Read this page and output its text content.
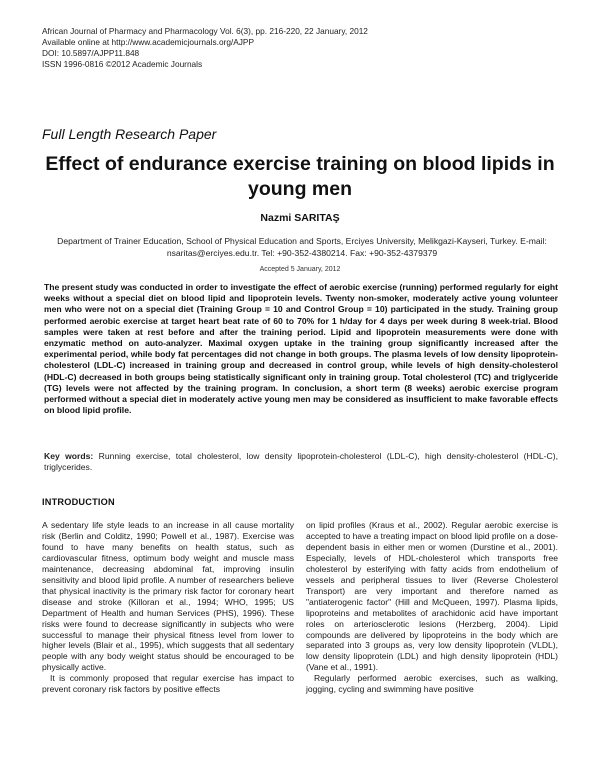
African Journal of Pharmacy and Pharmacology Vol. 6(3), pp. 216-220, 22 January, 2012
Available online at http://www.academicjournals.org/AJPP
DOI: 10.5897/AJPP11.848
ISSN 1996-0816 ©2012 Academic Journals
Full Length Research Paper
Effect of endurance exercise training on blood lipids in young men
Nazmi SARITAŞ
Department of Trainer Education, School of Physical Education and Sports, Erciyes University, Melikgazi-Kayseri, Turkey. E-mail: nsaritas@erciyes.edu.tr. Tel: +90-352-4380214. Fax: +90-352-4379379
Accepted 5 January, 2012
The present study was conducted in order to investigate the effect of aerobic exercise (running) performed regularly for eight weeks without a special diet on blood lipid and lipoprotein levels. Twenty non-smoker, moderately active young volunteer men who were not on a special diet (Training Group = 10 and Control Group = 10) participated in the study. Training group performed aerobic exercise at target heart beat rate of 60 to 70% for 1 h/day for 4 days per week during 8 week-trial. Blood samples were taken at rest before and after the training period. Lipid and lipoprotein measurements were done with enzymatic method on auto-analyzer. Maximal oxygen uptake in the training group significantly increased after the experimental period, while body fat percentages did not change in both groups. The plasma levels of low density lipoprotein-cholesterol (LDL-C) increased in training group and decreased in control group, while levels of high density-cholesterol (HDL-C) decreased in both groups being statistically significant only in training group. Total cholesterol (TC) and triglyceride (TG) levels were not affected by the training program. In conclusion, a short term (8 weeks) aerobic exercise program performed without a special diet in moderately active young men may be considered as insufficient to make favorable effects on blood lipid profile.
Key words: Running exercise, total cholesterol, low density lipoprotein-cholesterol (LDL-C), high density-cholesterol (HDL-C), triglycerides.
INTRODUCTION

A sedentary life style leads to an increase in all cause mortality risk (Berlin and Colditz, 1990; Powell et al., 1987). Exercise was found to have many benefits on health status, such as cardiovascular fitness, optimum body weight and muscle mass maintenance, decreasing abdominal fat, improving insulin sensitivity and blood lipid profile. A number of researchers believe that physical inactivity is the primary risk factor for coronary heart disease and stroke (Killoran et al., 1994; WHO, 1995; US Department of Health and human Services (PHS), 1996). These risks were found to decrease significantly in subjects who were successful to manage their physical fitness level from lower to higher levels (Blair et al., 1995), which suggests that all sedentary people with any body weight status should be encouraged to be physically active.

It is commonly proposed that regular exercise has impact to prevent coronary risk factors by positive effects

on lipid profiles (Kraus et al., 2002). Regular aerobic exercise is accepted to have a treating impact on blood lipid profile on a dose-dependent basis in either men or women (Durstine et al., 2001). Especially, levels of HDL-cholesterol which transports free cholesterol by esterifying with fatty acids from endothelium of vessels and peripheral tissues to liver (Reverse Cholesterol Transport) are very important and therefore named as "antiaterogenic factor" (Hill and McQueen, 1997). Plasma lipids, lipoproteins and metabolites of arachidonic acid have important roles on arteriosclerotic lesions (Herzberg, 2004). Lipid compounds are delivered by lipoproteins in the body which are separated into 3 groups as, very low density lipoprotein (VLDL), low density lipoprotein (LDL) and high density lipoprotein (HDL) (Vane et al., 1991).

Regularly performed aerobic exercises, such as walking, jogging, cycling and swimming have positive
